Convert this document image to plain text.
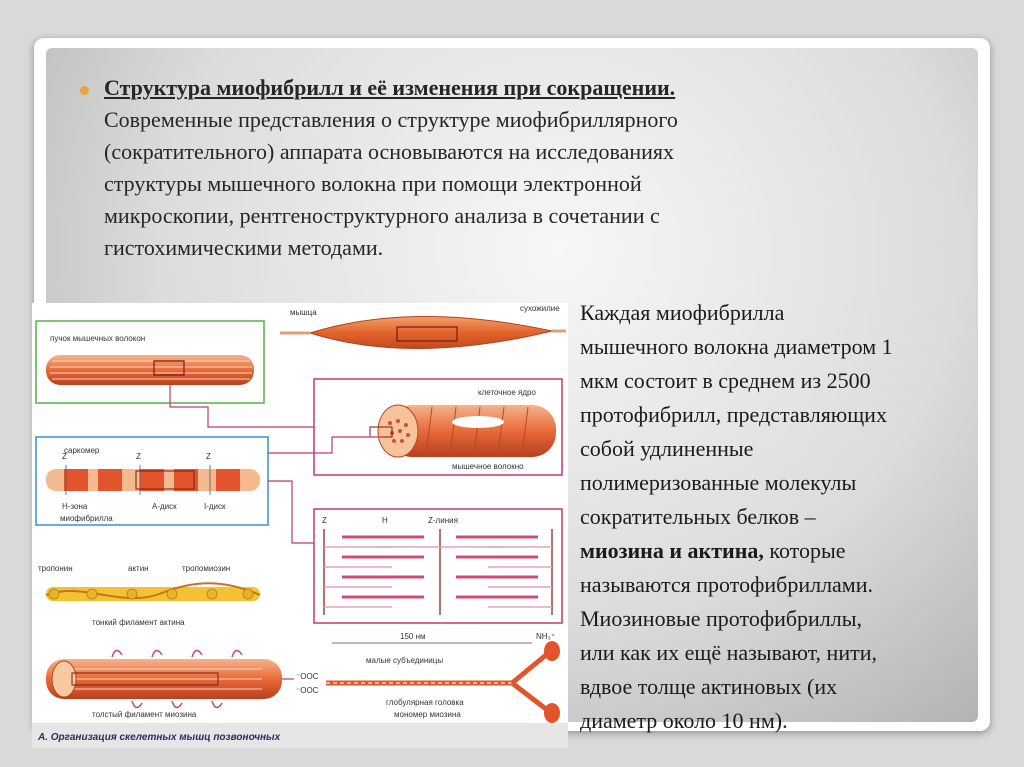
Структура миофибрилл и её изменения при сокращении.
Современные представления о структуре миофибриллярного
(сократительного) аппарата основываются на исследованиях
структуры мышечного волокна при помощи электронной
микроскопии, рентгеноструктурного анализа в сочетании с
гистохимическими методами.
Каждая миофибрилла
мышечного волокна диаметром 1
мкм состоит в среднем из 2500
протофибрилл, представляющих
собой удлиненные
полимеризованные молекулы
сократительных белков –
миозина и актина, которые
называются протофибриллами.
Миозиновые протофибриллы,
или как их ещё называют, нити,
вдвое толще актиновых (их
диаметр около 10 нм).
мышца	сухожилие
пучок мышечных волокон
клеточное ядро
мышечное волокно
саркомер
Z	Z	Z
Н-зона	А-диск	I-диск
миофибрилла	Z	H	Z-линия
тропонин	актин	тропомиозин
тонкий филамент актина
толстый филамент миозина
150 нм
малые субъединицы
NH₃⁺
⁻OOC
⁻OOC
глобулярная головка
мономер миозина
А. Организация скелетных мышц позвоночных
